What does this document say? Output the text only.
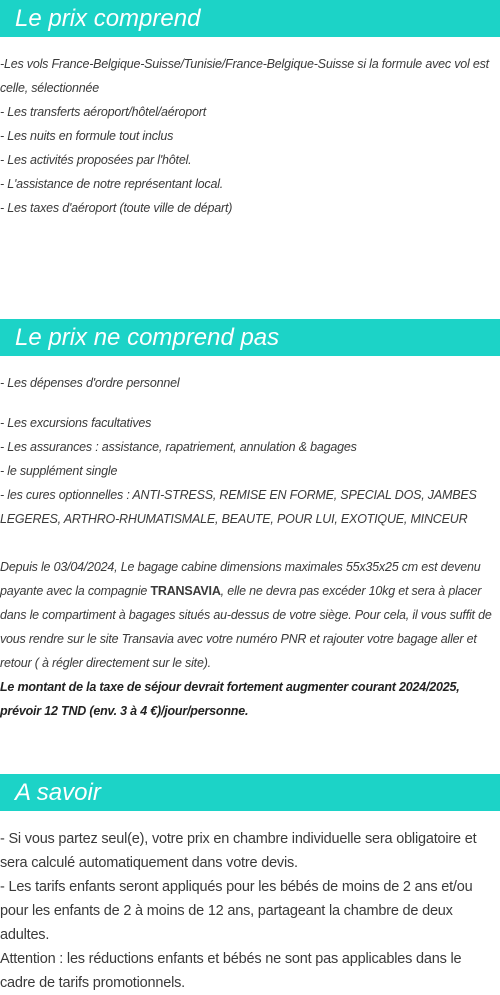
Le prix comprend

-Les vols France-Belgique-Suisse/Tunisie/France-Belgique-Suisse si la formule avec vol est celle, sélectionnée

- Les transferts aéroport/hôtel/aéroport

- Les nuits en formule tout inclus

- Les activités proposées par l'hôtel.

- L'assistance de notre représentant local.

- Les taxes d'aéroport (toute ville de départ)

Le prix ne comprend pas

- Les dépenses d'ordre personnel

- Les excursions facultatives

- Les assurances : assistance, rapatriement, annulation & bagages

- le supplément single

- les cures optionnelles : ANTI-STRESS, REMISE EN FORME, SPECIAL DOS, JAMBES LEGERES, ARTHRO-RHUMATISMALE, BEAUTE, POUR LUI, EXOTIQUE, MINCEUR

Depuis le 03/04/2024, Le bagage cabine dimensions maximales 55x35x25 cm est devenu payante avec la compagnie TRANSAVIA, elle ne devra pas excéder 10kg et sera à placer dans le compartiment à bagages situés au-dessus de votre siège. Pour cela, il vous suffit de vous rendre sur le site Transavia avec votre numéro PNR et rajouter votre bagage aller et retour ( à régler directement sur le site).

Le montant de la taxe de séjour devrait fortement augmenter courant 2024/2025, prévoir 12 TND (env. 3 à 4 €)/jour/personne.

A savoir

- Si vous partez seul(e), votre prix en chambre individuelle sera obligatoire et sera calculé automatiquement dans votre devis.

- Les tarifs enfants seront appliqués pour les bébés de moins de 2 ans et/ou pour les enfants de 2 à moins de 12 ans, partageant la chambre de deux adultes.

Attention : les réductions enfants et bébés ne sont pas applicables dans le cadre de tarifs promotionnels.
